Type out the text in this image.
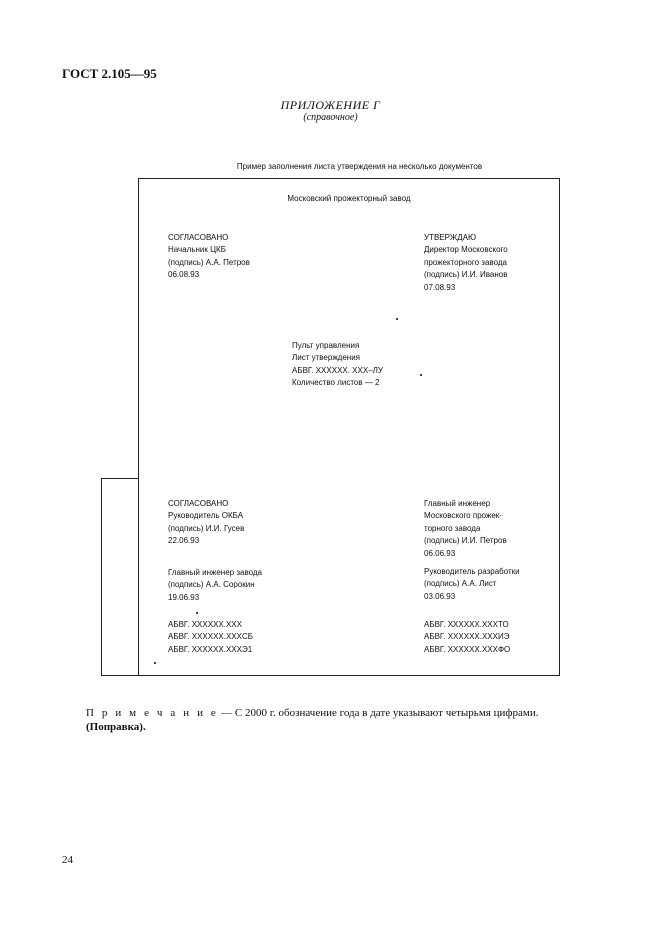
ГОСТ 2.105—95
ПРИЛОЖЕНИЕ Г
(справочное)
Пример заполнения листа утверждения на несколько документов
Московский прожекторный завод
СОГЛАСОВАНО
Начальник ЦКБ
(подпись) А.А. Петров
06.08.93
УТВЕРЖДАЮ
Директор Московского
прожекторного завода
(подпись) И.И. Иванов
07.08.93
Пульт управления
Лист утверждения
АБВГ. XXXXXX. XXX–ЛУ
Количество листов — 2
СОГЛАСОВАНО
Руководитель ОКБА
(подпись) И.И. Гусев
22.06.93
Главный инженер завода
(подпись) А.А. Сорокин
19.06.93
АБВГ. XXXXXX.XXX
АБВГ. XXXXXX.XXXСБ
АБВГ. XXXXXX.XXXЭ1
Главный инженер
Московского прожек-
торного завода
(подпись) И.И. Петров
06.06.93
Руководитель разработки
(подпись) А.А. Лист
03.06.93
АБВГ. XXXXXX.XXXТО
АБВГ. XXXXXX.XXXИЭ
АБВГ. XXXXXX.XXXФО
П р и м е ч а н и е — С 2000 г. обозначение года в дате указывают четырьмя цифрами.
(Поправка).
24
